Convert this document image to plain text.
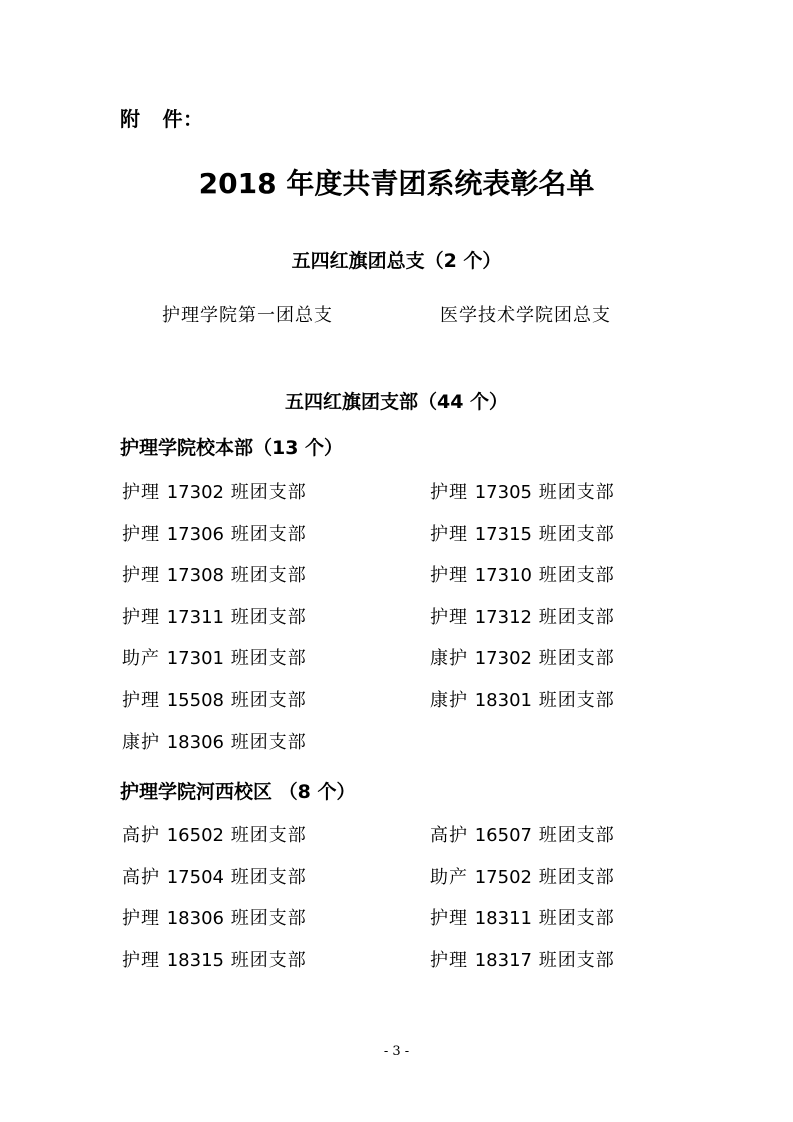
附 件：
2018 年度共青团系统表彰名单
五四红旗团总支（2 个）
护理学院第一团总支	医学技术学院团总支
五四红旗团支部（44 个）
护理学院校本部（13 个）
护理 17302 班团支部	护理 17305 班团支部
护理 17306 班团支部	护理 17315 班团支部
护理 17308 班团支部	护理 17310 班团支部
护理 17311 班团支部	护理 17312 班团支部
助产 17301 班团支部	康护 17302 班团支部
护理 15508 班团支部	康护 18301 班团支部
康护 18306 班团支部
护理学院河西校区 （8 个）
高护 16502 班团支部	高护 16507 班团支部
高护 17504 班团支部	助产 17502 班团支部
护理 18306 班团支部	护理 18311 班团支部
护理 18315 班团支部	护理 18317 班团支部
- 3 -
